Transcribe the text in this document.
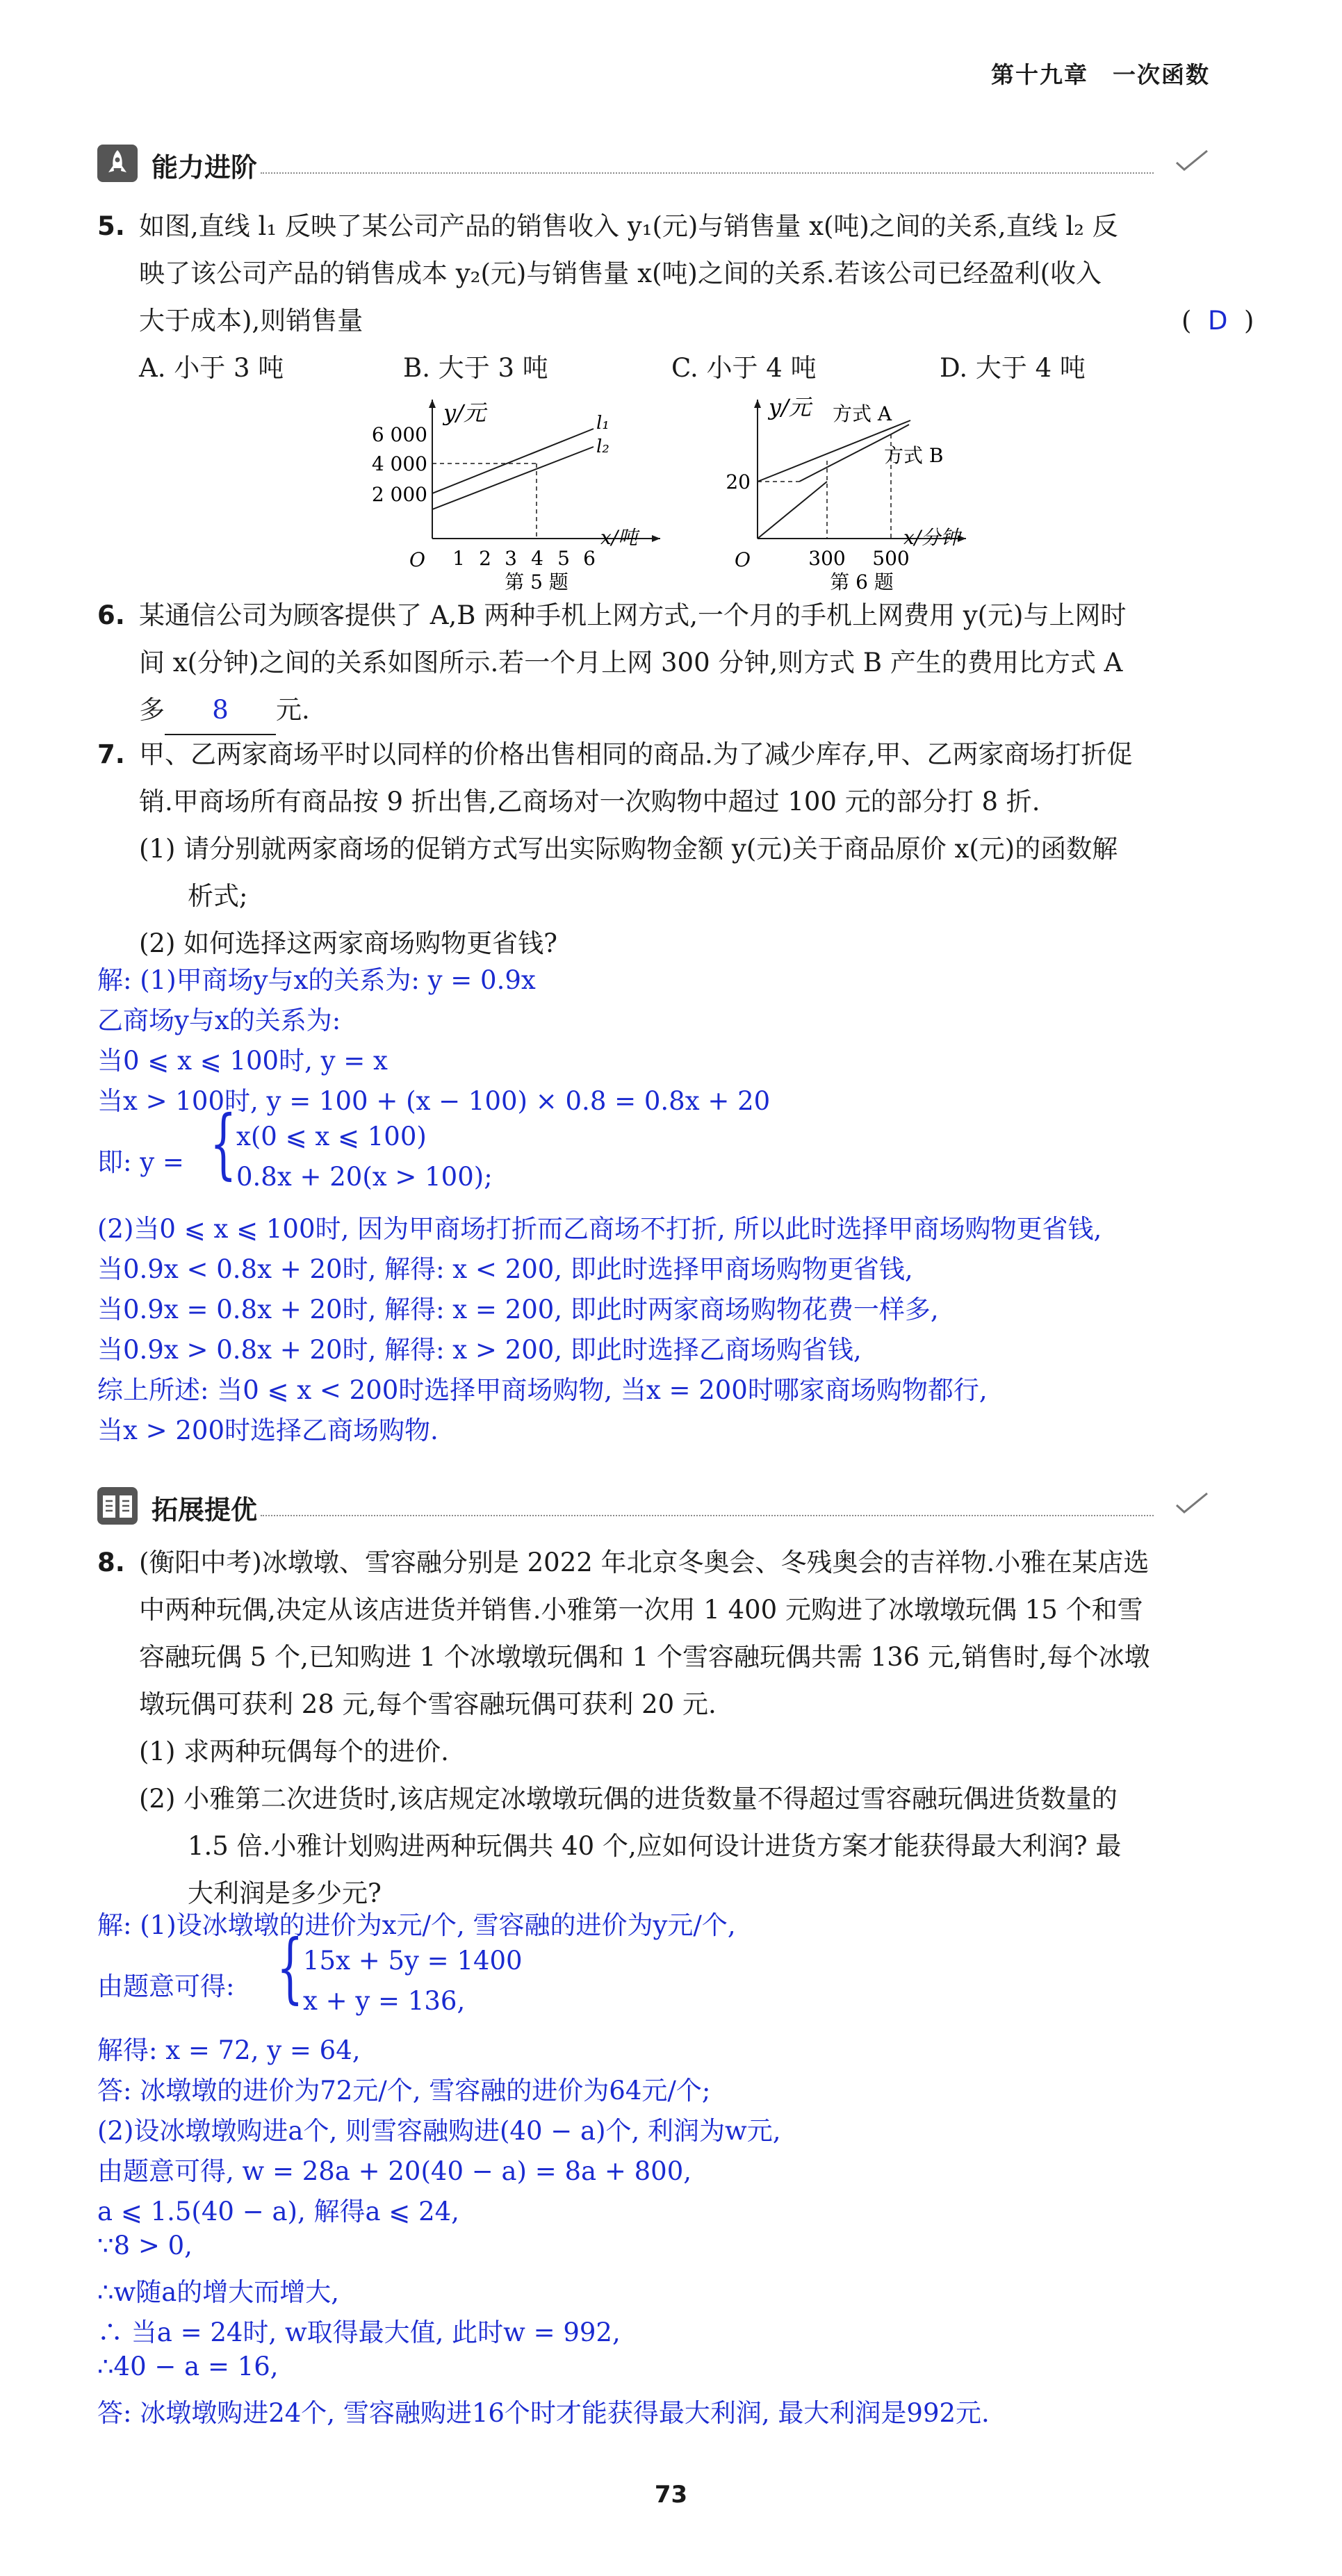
第十九章　一次函数
能力进阶
5. 如图,直线 l₁ 反映了某公司产品的销售收入 y₁(元)与销售量 x(吨)之间的关系,直线 l₂ 反
映了该公司产品的销售成本 y₂(元)与销售量 x(吨)之间的关系.若该公司已经盈利(收入
大于成本),则销售量	( D )
A. 小于 3 吨	B. 大于 3 吨	C. 小于 4 吨	D. 大于 4 吨
y/元
x/吨
O
6 000
4 000
2 000
1 2 3 4 5 6
l₁
l₂
第 5 题
y/元
x/分钟
O
20
300 500
方式 A
方式 B
第 6 题
6. 某通信公司为顾客提供了 A,B 两种手机上网方式,一个月的手机上网费用 y(元)与上网时
间 x(分钟)之间的关系如图所示.若一个月上网 300 分钟,则方式 B 产生的费用比方式 A
多 8 元.
7. 甲、乙两家商场平时以同样的价格出售相同的商品.为了减少库存,甲、乙两家商场打折促
销.甲商场所有商品按 9 折出售,乙商场对一次购物中超过 100 元的部分打 8 折.
(1) 请分别就两家商场的促销方式写出实际购物金额 y(元)关于商品原价 x(元)的函数解
析式;
(2) 如何选择这两家商场购物更省钱?
解: (1)甲商场y与x的关系为: y = 0.9x
乙商场y与x的关系为:
当0 ⩽ x ⩽ 100时, y = x
当x > 100时, y = 100 + (x − 100) × 0.8 = 0.8x + 20
即: y = { x(0 ⩽ x ⩽ 100)
0.8x + 20(x > 100);
(2)当0 ⩽ x ⩽ 100时, 因为甲商场打折而乙商场不打折, 所以此时选择甲商场购物更省钱,
当0.9x < 0.8x + 20时, 解得: x < 200, 即此时选择甲商场购物更省钱,
当0.9x = 0.8x + 20时, 解得: x = 200, 即此时两家商场购物花费一样多,
当0.9x > 0.8x + 20时, 解得: x > 200, 即此时选择乙商场购省钱,
综上所述: 当0 ⩽ x < 200时选择甲商场购物, 当x = 200时哪家商场购物都行,
当x > 200时选择乙商场购物.
拓展提优
8. (衡阳中考)冰墩墩、雪容融分别是 2022 年北京冬奥会、冬残奥会的吉祥物.小雅在某店选
中两种玩偶,决定从该店进货并销售.小雅第一次用 1 400 元购进了冰墩墩玩偶 15 个和雪
容融玩偶 5 个,已知购进 1 个冰墩墩玩偶和 1 个雪容融玩偶共需 136 元,销售时,每个冰墩
墩玩偶可获利 28 元,每个雪容融玩偶可获利 20 元.
(1) 求两种玩偶每个的进价.
(2) 小雅第二次进货时,该店规定冰墩墩玩偶的进货数量不得超过雪容融玩偶进货数量的
1.5 倍.小雅计划购进两种玩偶共 40 个,应如何设计进货方案才能获得最大利润? 最
大利润是多少元?
解: (1)设冰墩墩的进价为x元/个, 雪容融的进价为y元/个,
由题意可得: { 15x + 5y = 1400
x + y = 136,
解得: x = 72, y = 64,
答: 冰墩墩的进价为72元/个, 雪容融的进价为64元/个;
(2)设冰墩墩购进a个, 则雪容融购进(40 − a)个, 利润为w元,
由题意可得, w = 28a + 20(40 − a) = 8a + 800,
a ⩽ 1.5(40 − a), 解得a ⩽ 24,
∵8 > 0,
∴w随a的增大而增大,
∴ 当a = 24时, w取得最大值, 此时w = 992,
∴40 − a = 16,
答: 冰墩墩购进24个, 雪容融购进16个时才能获得最大利润, 最大利润是992元.
73
